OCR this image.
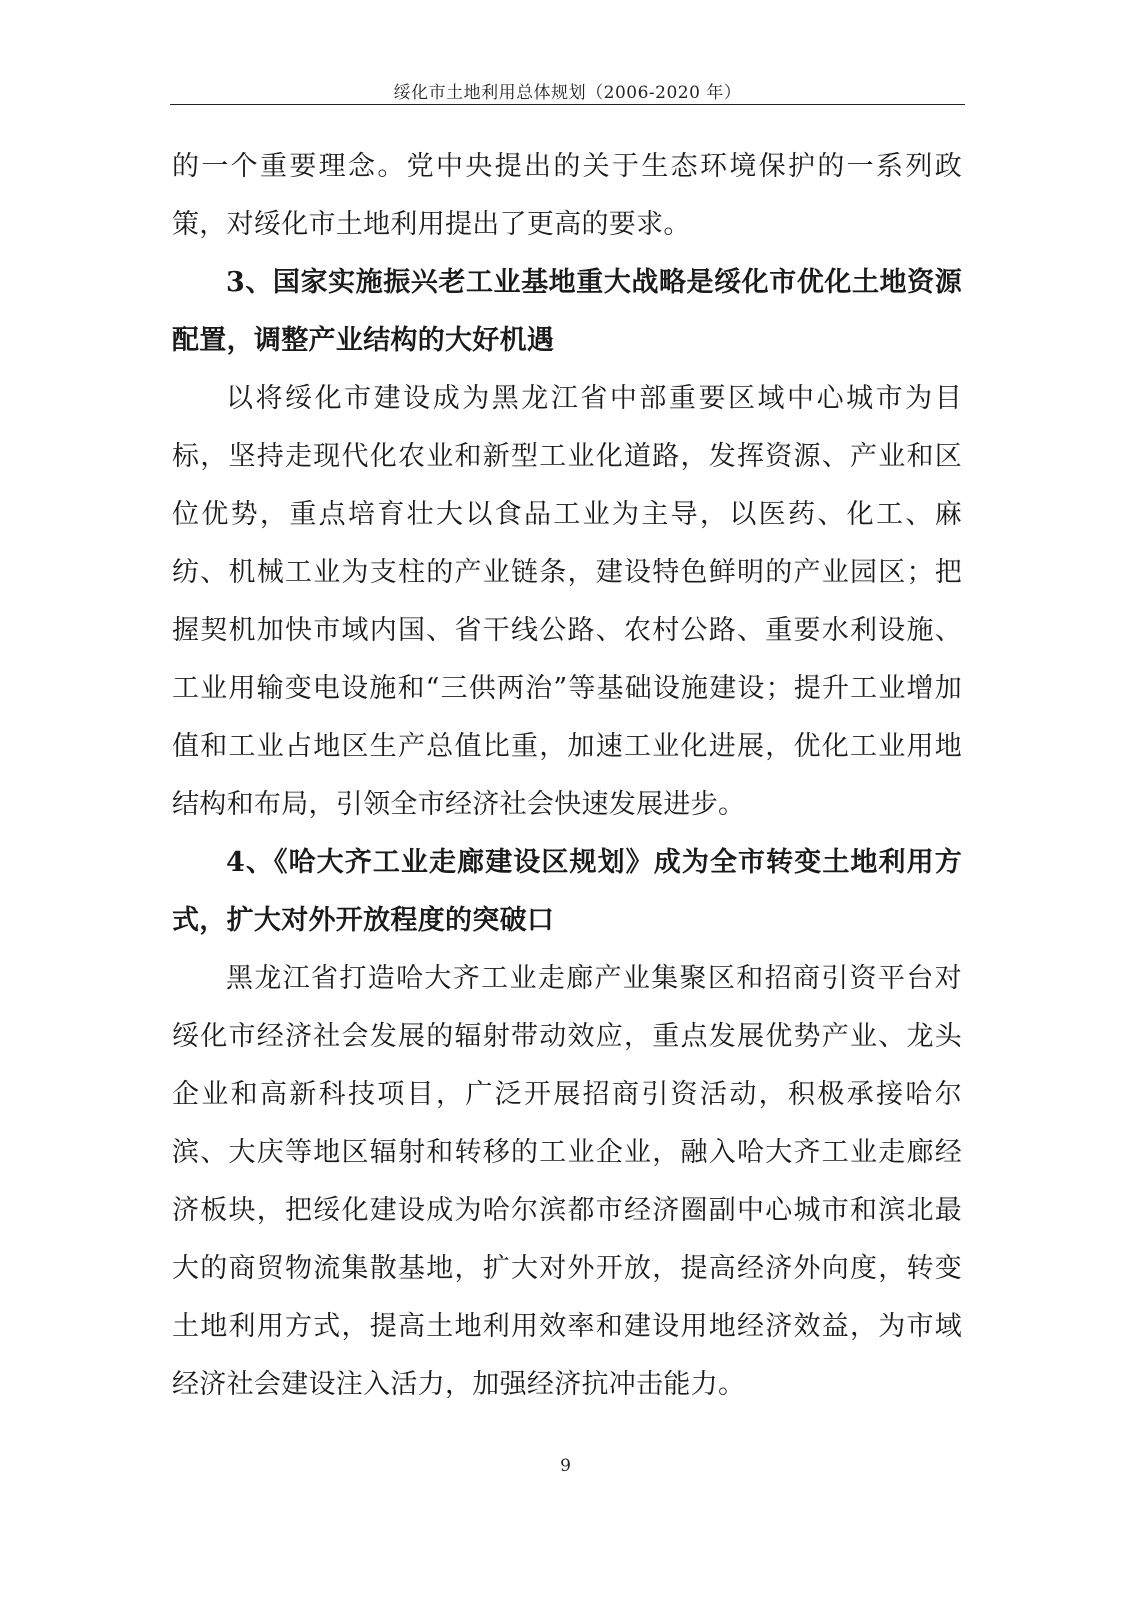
绥化市土地利用总体规划（2006-2020 年）

的一个重要理念。党中央提出的关于生态环境保护的一系列政策，对绥化市土地利用提出了更高的要求。

3、国家实施振兴老工业基地重大战略是绥化市优化土地资源配置，调整产业结构的大好机遇

以将绥化市建设成为黑龙江省中部重要区域中心城市为目标，坚持走现代化农业和新型工业化道路，发挥资源、产业和区位优势，重点培育壮大以食品工业为主导，以医药、化工、麻纺、机械工业为支柱的产业链条，建设特色鲜明的产业园区；把握契机加快市域内国、省干线公路、农村公路、重要水利设施、工业用输变电设施和“三供两治”等基础设施建设；提升工业增加值和工业占地区生产总值比重，加速工业化进展，优化工业用地结构和布局，引领全市经济社会快速发展进步。

4、《哈大齐工业走廊建设区规划》成为全市转变土地利用方式，扩大对外开放程度的突破口

黑龙江省打造哈大齐工业走廊产业集聚区和招商引资平台对绥化市经济社会发展的辐射带动效应，重点发展优势产业、龙头企业和高新科技项目，广泛开展招商引资活动，积极承接哈尔滨、大庆等地区辐射和转移的工业企业，融入哈大齐工业走廊经济板块，把绥化建设成为哈尔滨都市经济圈副中心城市和滨北最大的商贸物流集散基地，扩大对外开放，提高经济外向度，转变土地利用方式，提高土地利用效率和建设用地经济效益，为市域经济社会建设注入活力，加强经济抗冲击能力。

9
